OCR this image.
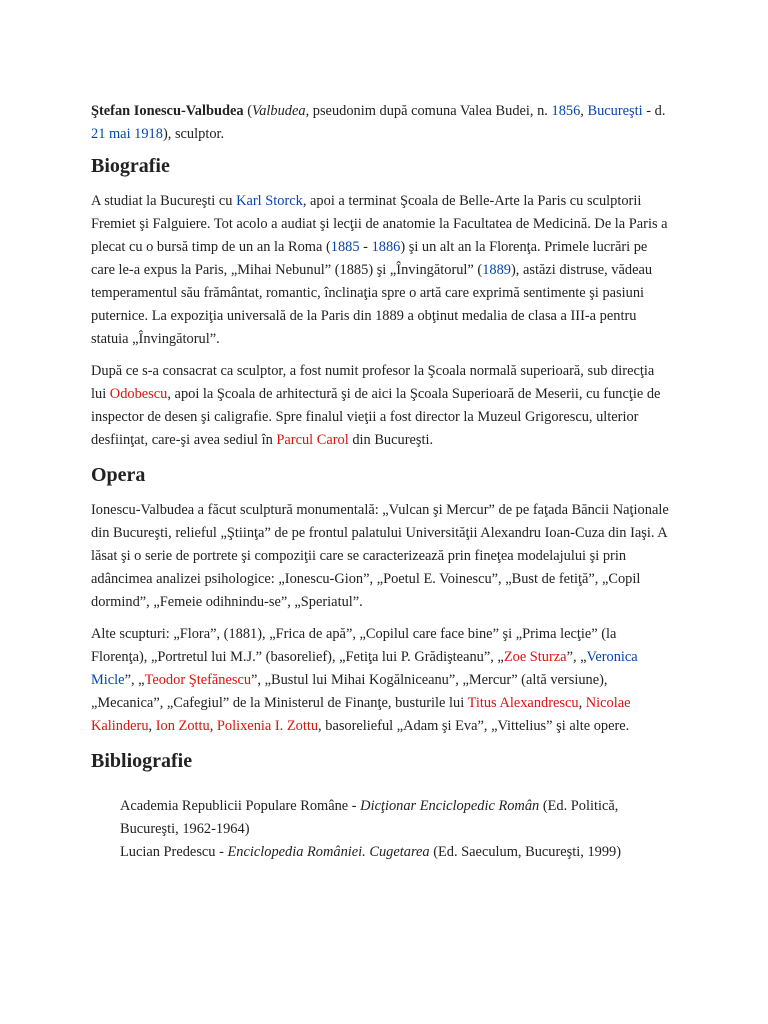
Ştefan Ionescu-Valbudea (Valbudea, pseudonim după comuna Valea Budei, n. 1856, Bucureşti - d. 21 mai 1918), sculptor.

Biografie

A studiat la Bucureşti cu Karl Storck, apoi a terminat Şcoala de Belle-Arte la Paris cu sculptorii Fremiet şi Falguiere. Tot acolo a audiat şi lecţii de anatomie la Facultatea de Medicină. De la Paris a plecat cu o bursă timp de un an la Roma (1885 - 1886) şi un alt an la Florenţa. Primele lucrări pe care le-a expus la Paris, „Mihai Nebunul” (1885) şi „Învingătorul” (1889), astăzi distruse, vădeau temperamentul său frământat, romantic, înclinaţia spre o artă care exprimă sentimente şi pasiuni puternice. La expoziţia universală de la Paris din 1889 a obţinut medalia de clasa a III-a pentru statuia „Învingătorul”.

După ce s-a consacrat ca sculptor, a fost numit profesor la Şcoala normală superioară, sub direcţia lui Odobescu, apoi la Şcoala de arhitectură şi de aici la Şcoala Superioară de Meserii, cu funcţie de inspector de desen şi caligrafie. Spre finalul vieţii a fost director la Muzeul Grigorescu, ulterior desfiinţat, care-şi avea sediul în Parcul Carol din Bucureşti.

Opera

Ionescu-Valbudea a făcut sculptură monumentală: „Vulcan şi Mercur” de pe faţada Băncii Naţionale din Bucureşti, relieful „Ştiinţa” de pe frontul palatului Universităţii Alexandru Ioan-Cuza din Iaşi. A lăsat şi o serie de portrete şi compoziţii care se caracterizează prin fineţea modelajului şi prin adâncimea analizei psihologice: „Ionescu-Gion”, „Poetul E. Voinescu”, „Bust de fetiţă”, „Copil dormind”, „Femeie odihnindu-se”, „Speriatul”.

Alte scupturi: „Flora”, (1881), „Frica de apă”, „Copilul care face bine” şi „Prima lecţie” (la Florenţa), „Portretul lui M.J.” (basorelief), „Fetiţa lui P. Grădişteanu”, „Zoe Sturza”, „Veronica Micle”, „Teodor Ştefănescu”, „Bustul lui Mihai Kogălniceanu”, „Mercur” (altă versiune), „Mecanica”, „Cafegiul” de la Ministerul de Finanţe, busturile lui Titus Alexandrescu, Nicolae Kalinderu, Ion Zottu, Polixenia I. Zottu, basorelieful „Adam şi Eva”, „Vittelius” şi alte opere.

Bibliografie
Academia Republicii Populare Române - Dicţionar Enciclopedic Român (Ed. Politică, Bucureşti, 1962-1964)
Lucian Predescu - Enciclopedia României. Cugetarea (Ed. Saeculum, Bucureşti, 1999)
